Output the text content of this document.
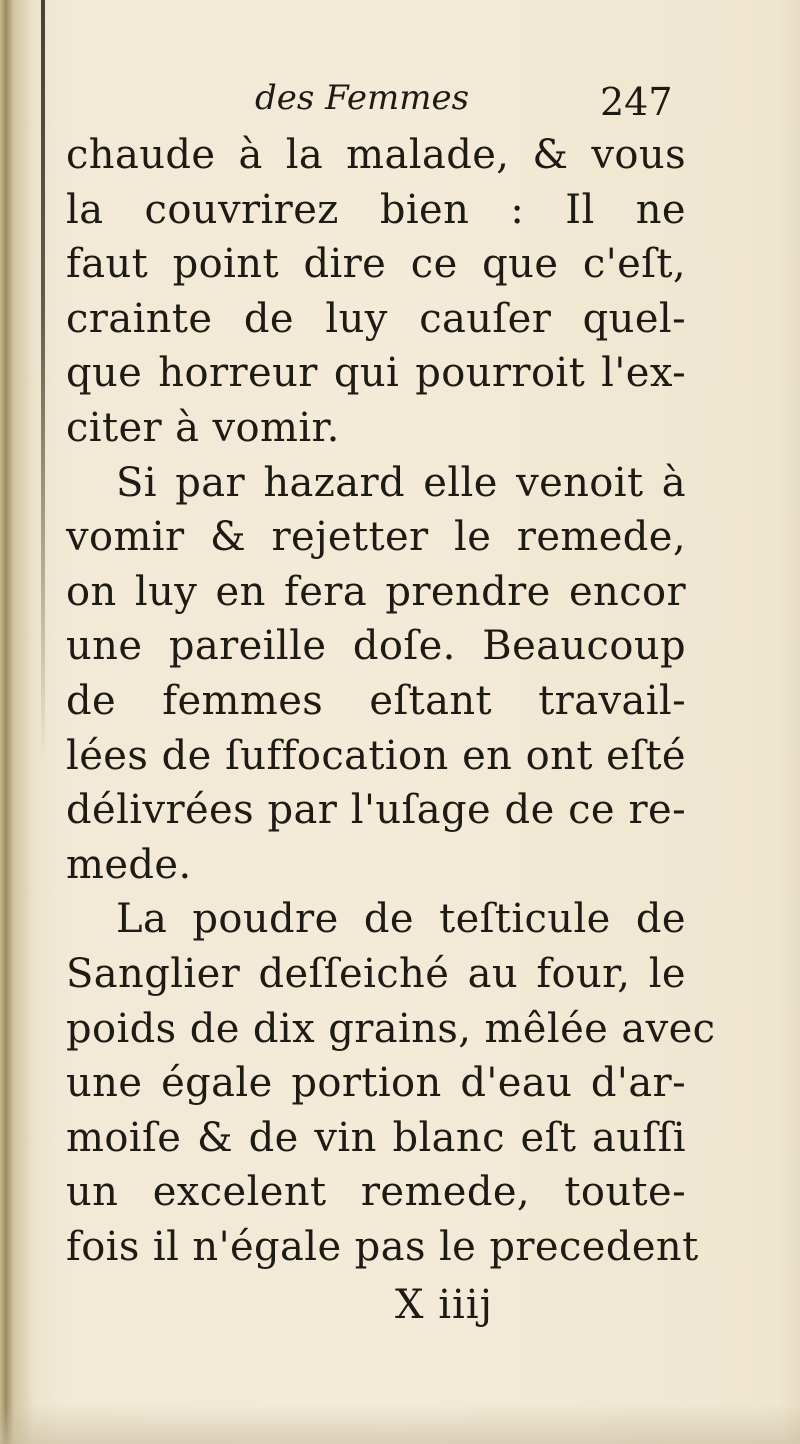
des Femmes	247
chaude à la malade, & vous
la couvrirez bien : Il ne
faut point dire ce que c'eſt,
crainte de luy cauſer quel-
que horreur qui pourroit l'ex-
citer à vomir.
Si par hazard elle venoit à
vomir & rejetter le remede,
on luy en fera prendre encor
une pareille doſe. Beaucoup
de femmes eſtant travail-
lées de ſuffocation en ont eſté
délivrées par l'uſage de ce re-
mede.
La poudre de teſticule de
Sanglier deſſeiché au four, le
poids de dix grains, mêlée avec
une égale portion d'eau d'ar-
moiſe & de vin blanc eſt auſſi
un excelent remede, toute-
fois il n'égale pas le precedent
X iiij
